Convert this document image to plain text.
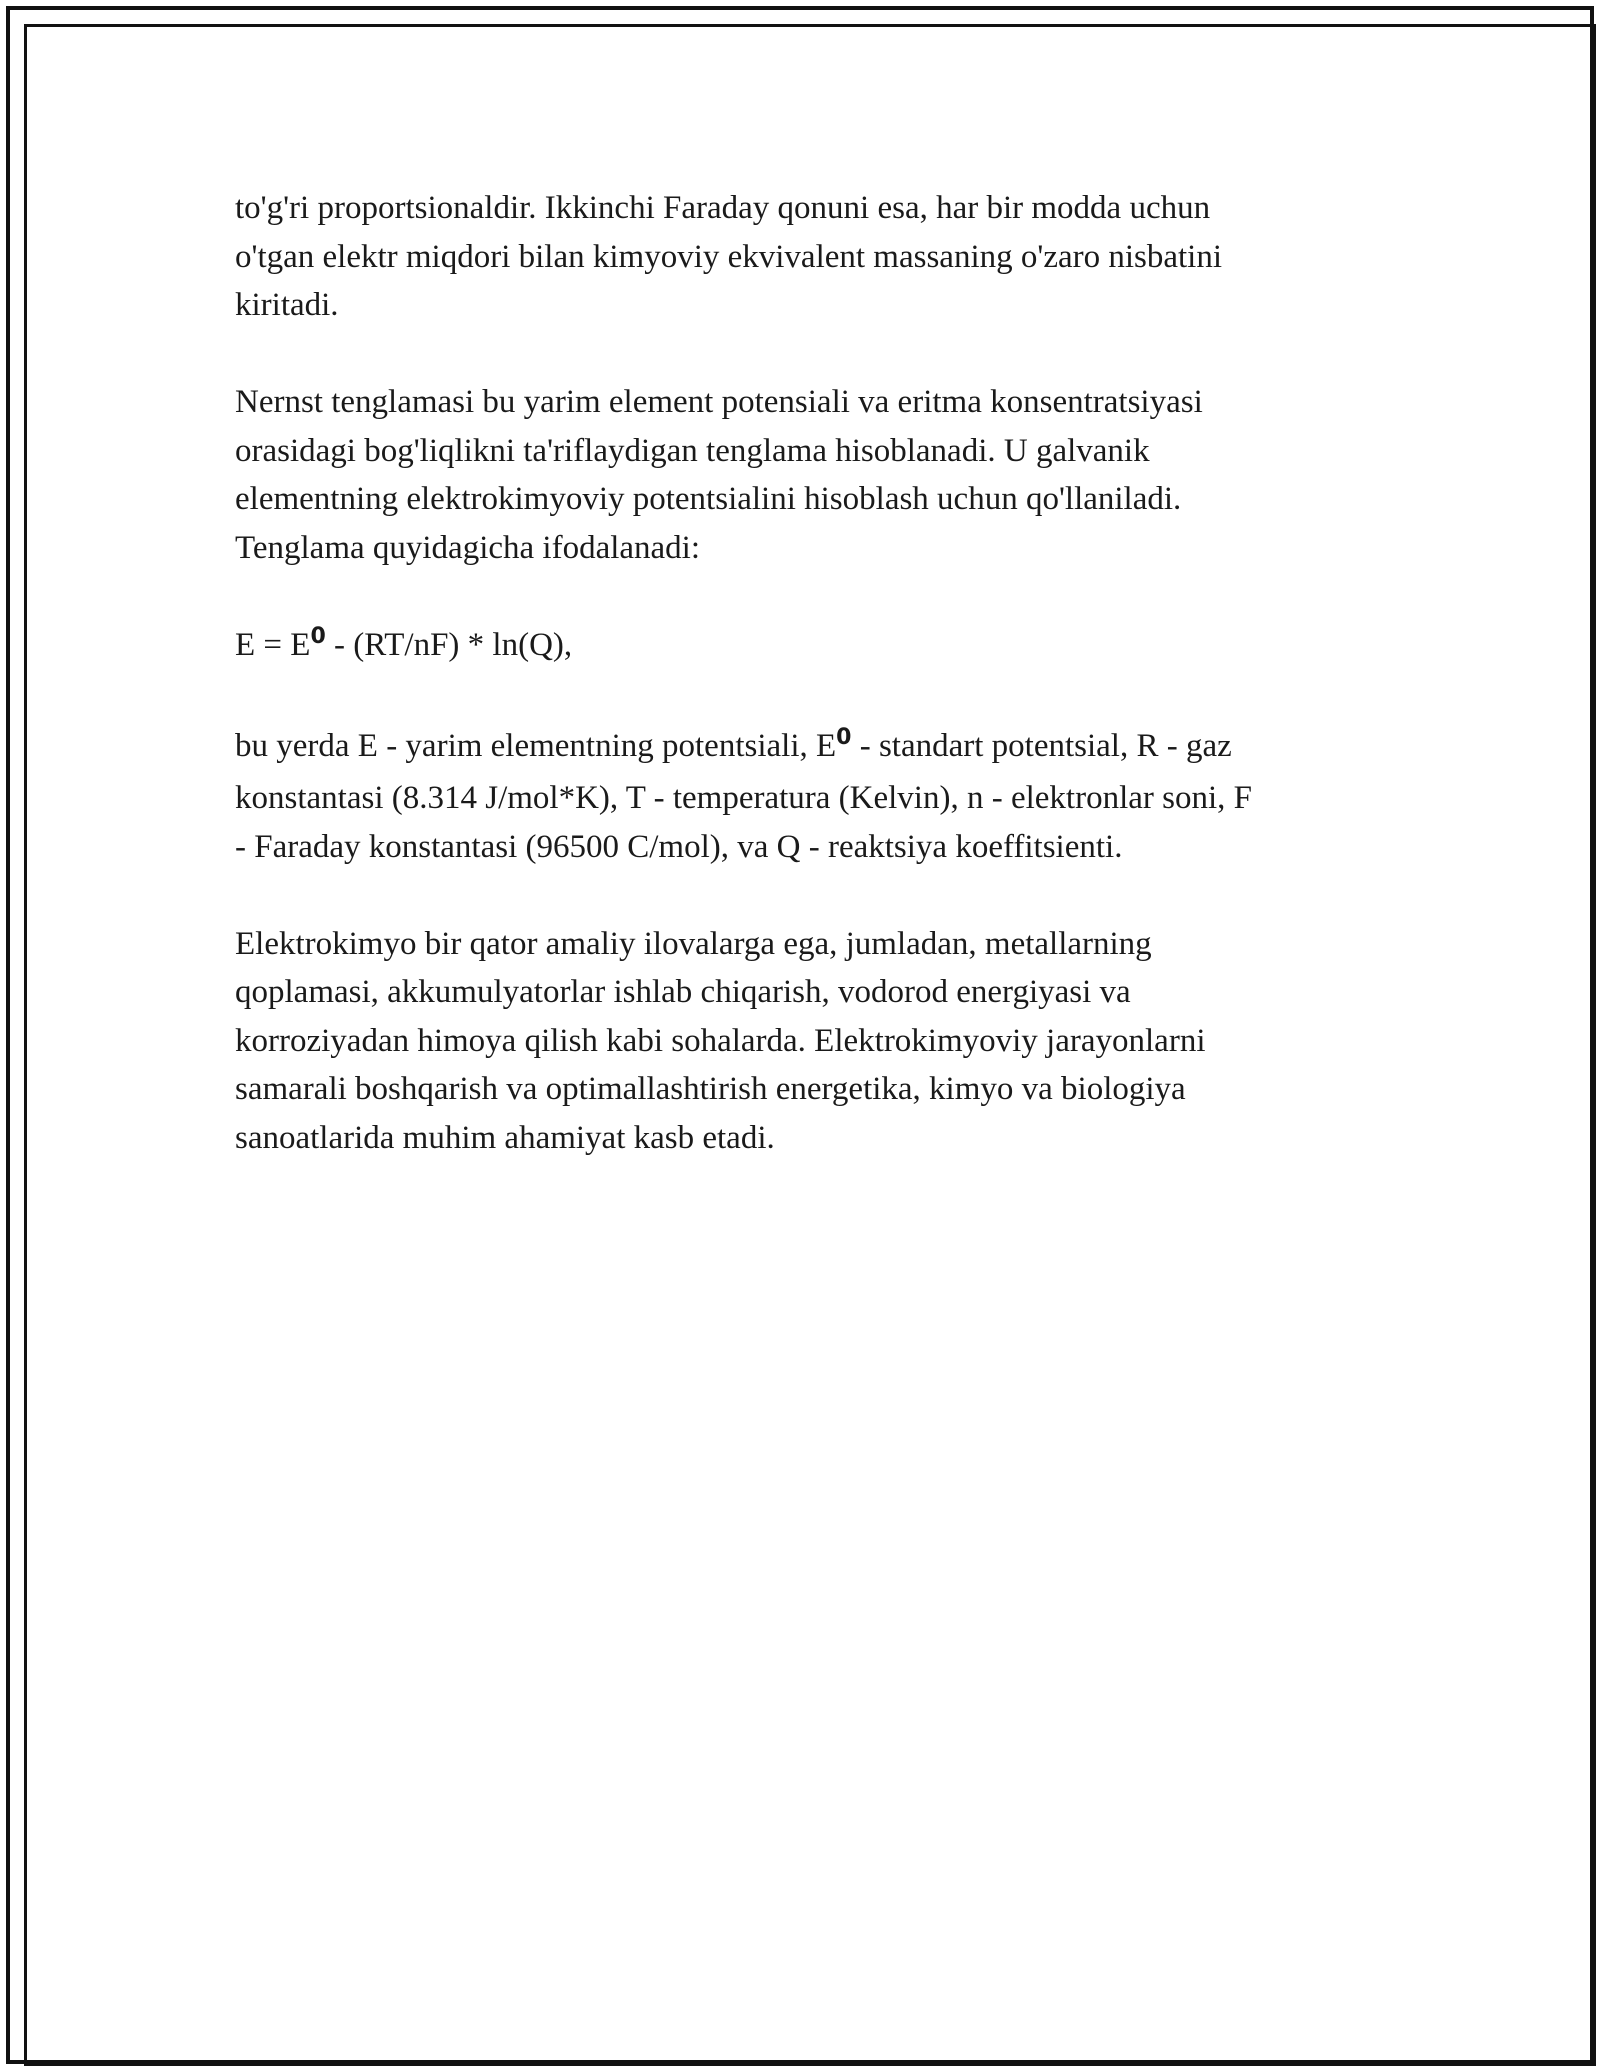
to'g'ri proportsionaldir. Ikkinchi Faraday qonuni esa, har bir modda uchun
o'tgan elektr miqdori bilan kimyoviy ekvivalent massaning o'zaro nisbatini
kiritadi.

Nernst tenglamasi bu yarim element potensiali va eritma konsentratsiyasi
orasidagi bog'liqlikni ta'riflaydigan tenglama hisoblanadi. U galvanik
elementning elektrokimyoviy potentsialini hisoblash uchun qo'llaniladi.
Tenglama quyidagicha ifodalanadi:

$E = E^0 - (RT/nF) * \ln(Q)$,

bu yerda E - yarim elementning potentsiali, $E^0$ - standart potentsial, R - gaz
konstantasi (8.314 J/mol*K), T - temperatura (Kelvin), n - elektronlar soni, F
- Faraday konstantasi (96500 C/mol), va Q - reaktsiya koeffitsienti.

Elektrokimyo bir qator amaliy ilovalarga ega, jumladan, metallarning
qoplamasi, akkumulyatorlar ishlab chiqarish, vodorod energiyasi va
korroziyadan himoya qilish kabi sohalarda. Elektrokimyoviy jarayonlarni
samarali boshqarish va optimallashtirish energetika, kimyo va biologiya
sanoatlarida muhim ahamiyat kasb etadi.
